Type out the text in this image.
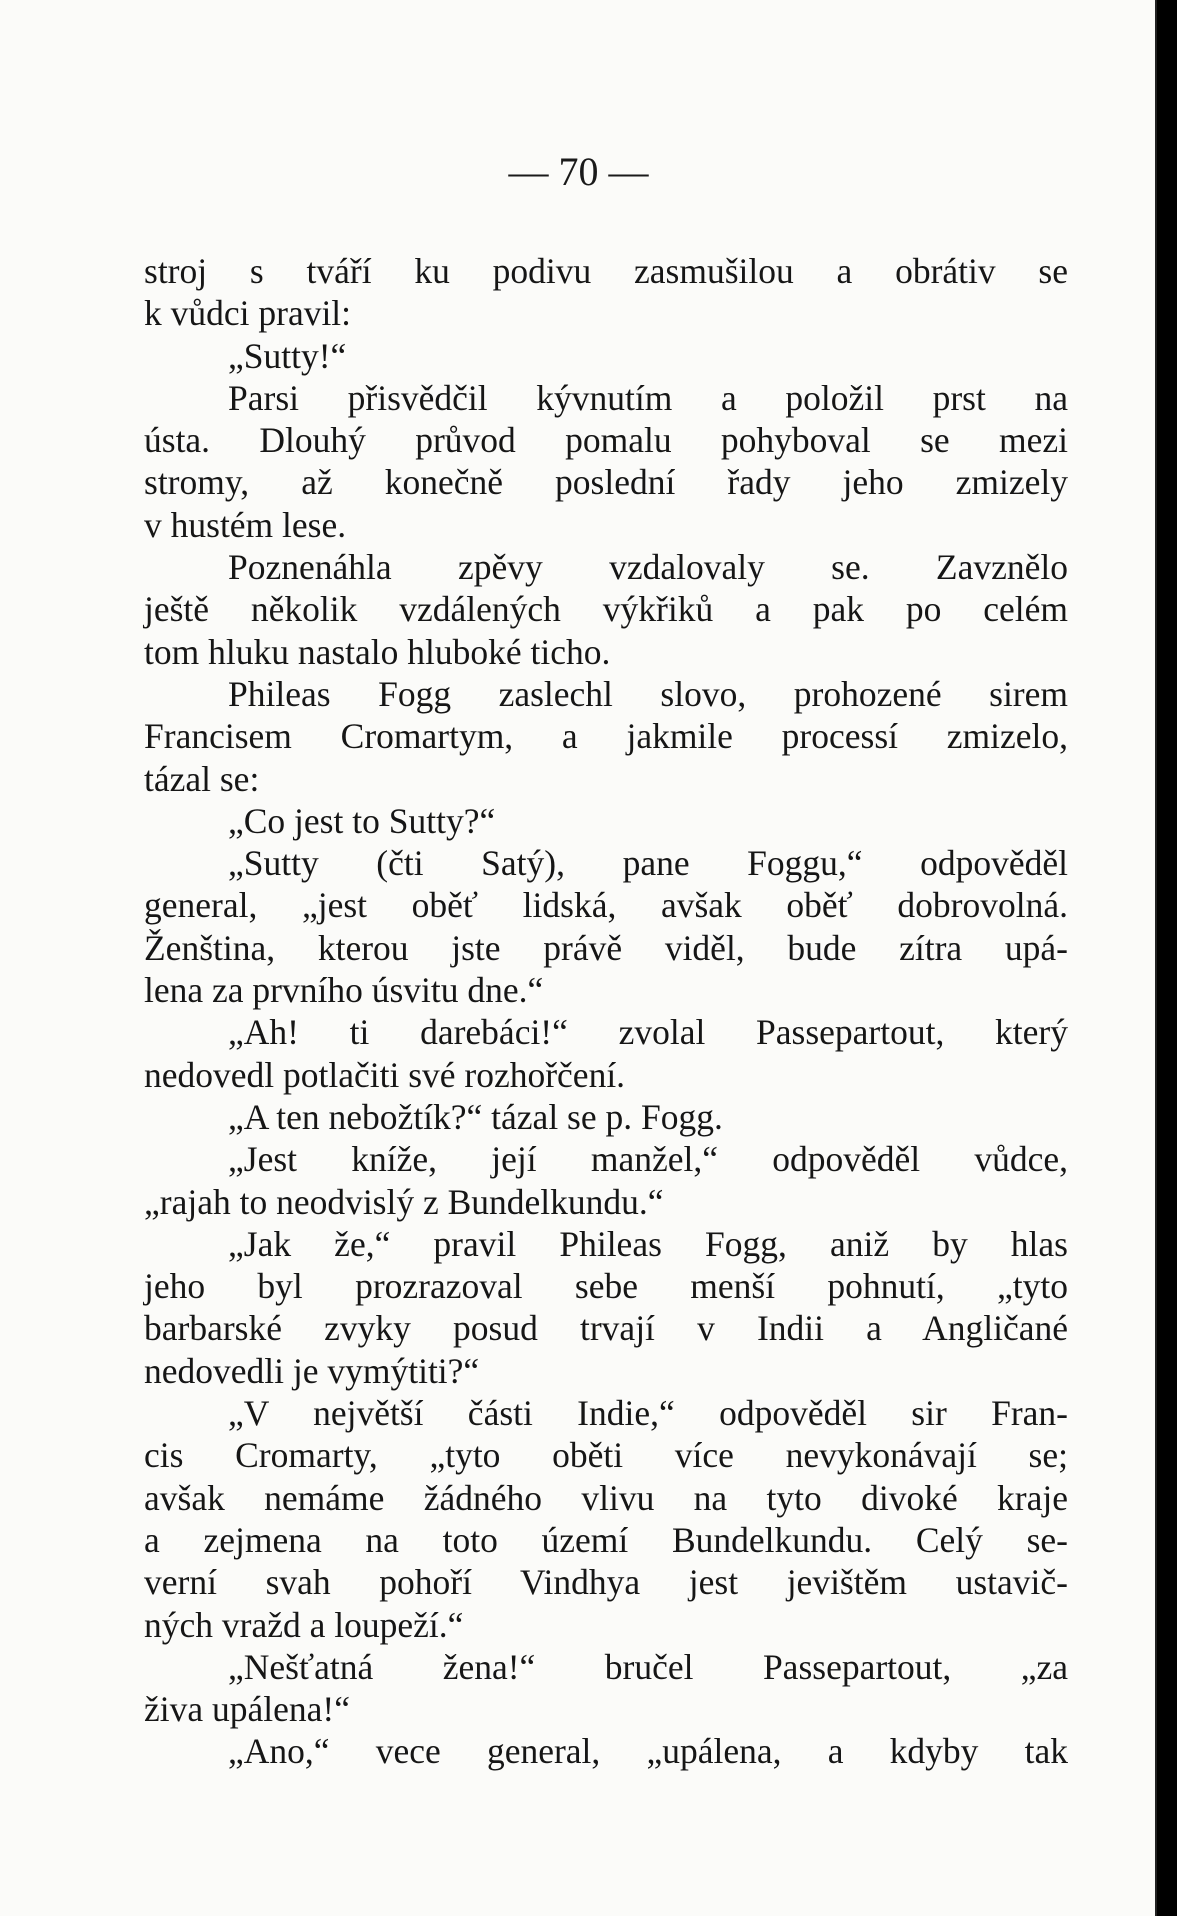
— 70 —
stroj s tváří ku podivu zasmušilou a obrátiv se
k vůdci pravil:
„Sutty!“
Parsi přisvědčil kývnutím a položil prst na
ústa. Dlouhý průvod pomalu pohyboval se mezi
stromy, až konečně poslední řady jeho zmizely
v hustém lese.
Poznenáhla zpěvy vzdalovaly se. Zavznělo
ještě několik vzdálených výkřiků a pak po celém
tom hluku nastalo hluboké ticho.
Phileas Fogg zaslechl slovo, prohozené sirem
Francisem Cromartym, a jakmile processí zmizelo,
tázal se:
„Co jest to Sutty?“
„Sutty (čti Satý), pane Foggu,“ odpověděl
general, „jest oběť lidská, avšak oběť dobrovolná.
Ženština, kterou jste právě viděl, bude zítra upá-
lena za prvního úsvitu dne.“
„Ah! ti darebáci!“ zvolal Passepartout, který
nedovedl potlačiti své rozhořčení.
„A ten nebožtík?“ tázal se p. Fogg.
„Jest kníže, její manžel,“ odpověděl vůdce,
„rajah to neodvislý z Bundelkundu.“
„Jak že,“ pravil Phileas Fogg, aniž by hlas
jeho byl prozrazoval sebe menší pohnutí, „tyto
barbarské zvyky posud trvají v Indii a Angličané
nedovedli je vymýtiti?“
„V největší části Indie,“ odpověděl sir Fran-
cis Cromarty, „tyto oběti více nevykonávají se;
avšak nemáme žádného vlivu na tyto divoké kraje
a zejmena na toto území Bundelkundu. Celý se-
verní svah pohoří Vindhya jest jevištěm ustavič-
ných vražd a loupeží.“
„Nešťatná žena!“ bručel Passepartout, „za
živa upálena!“
„Ano,“ vece general, „upálena, a kdyby tak
